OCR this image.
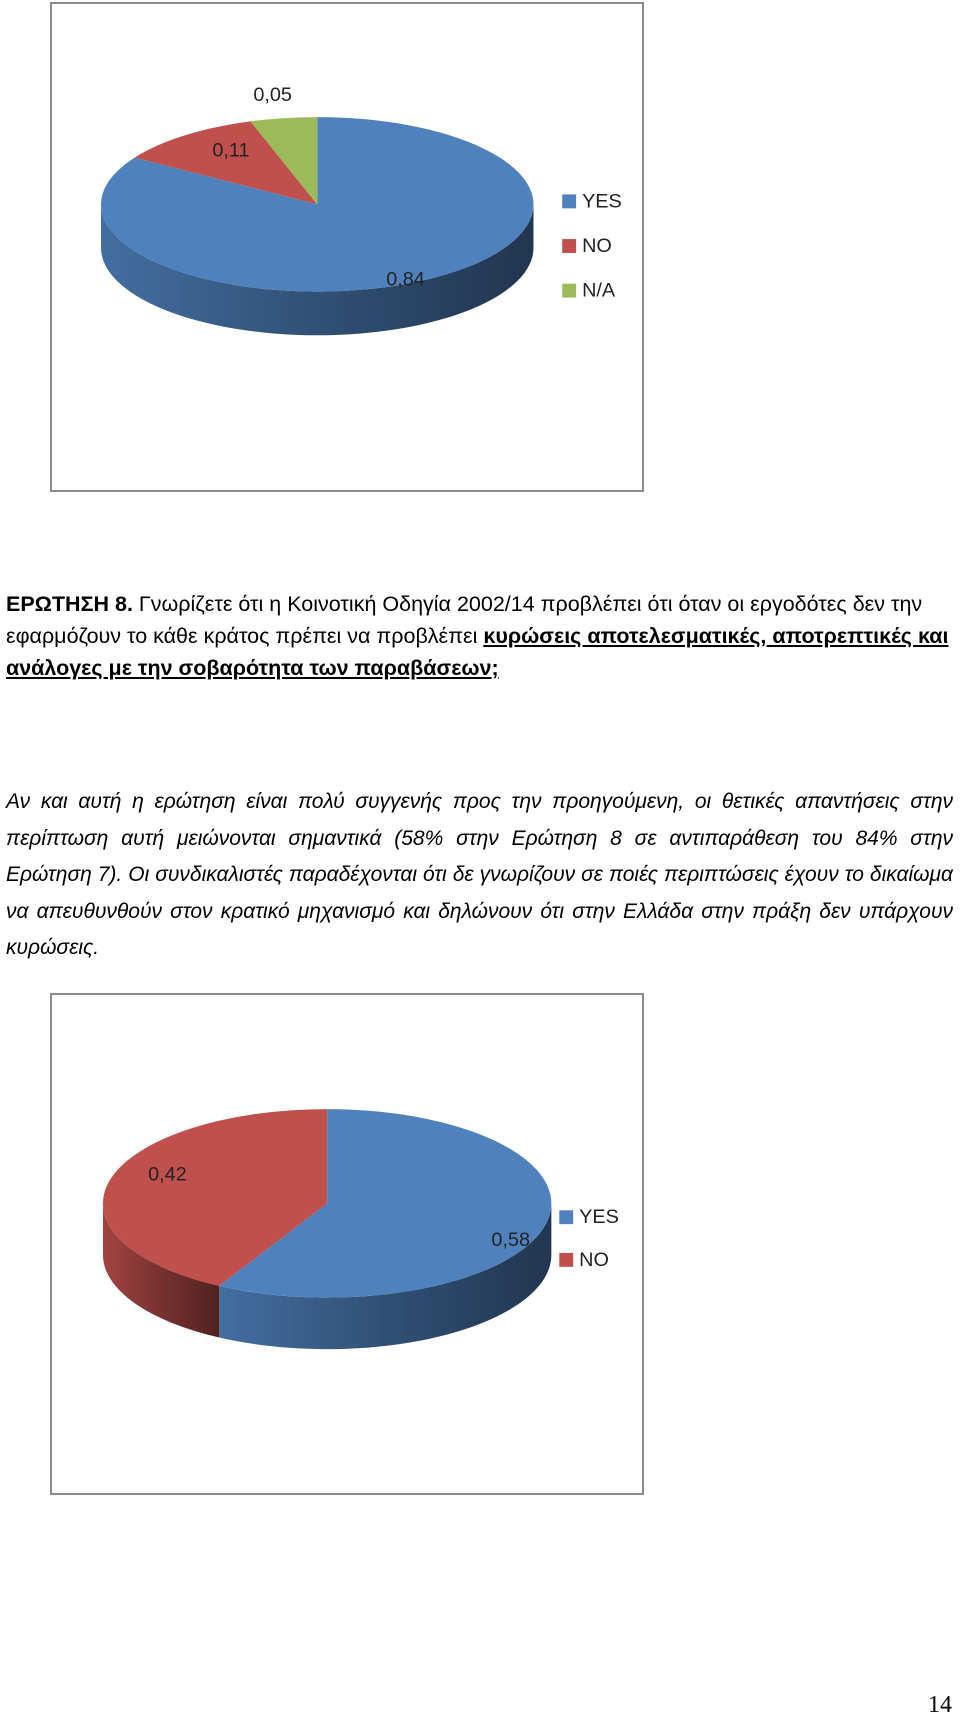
0,84
0,11
0,05
YES
NO
N/A
ΕΡΩΤΗΣΗ 8. Γνωρίζετε ότι η Κοινοτική Οδηγία 2002/14 προβλέπει ότι όταν οι εργοδότες δεν την εφαρμόζουν το κάθε κράτος πρέπει να προβλέπει κυρώσεις αποτελεσματικές, αποτρεπτικές και ανάλογες με την σοβαρότητα των παραβάσεων;
Αν και αυτή η ερώτηση είναι πολύ συγγενής προς την προηγούμενη, οι θετικές απαντήσεις στην περίπτωση αυτή μειώνονται σημαντικά (58% στην Ερώτηση 8 σε αντιπαράθεση του 84% στην Ερώτηση 7). Οι συνδικαλιστές παραδέχονται ότι δε γνωρίζουν σε ποιές περιπτώσεις έχουν το δικαίωμα να απευθυνθούν στον κρατικό μηχανισμό και δηλώνουν ότι στην Ελλάδα στην πράξη δεν υπάρχουν κυρώσεις.
0,58
0,42
YES
NO
14
